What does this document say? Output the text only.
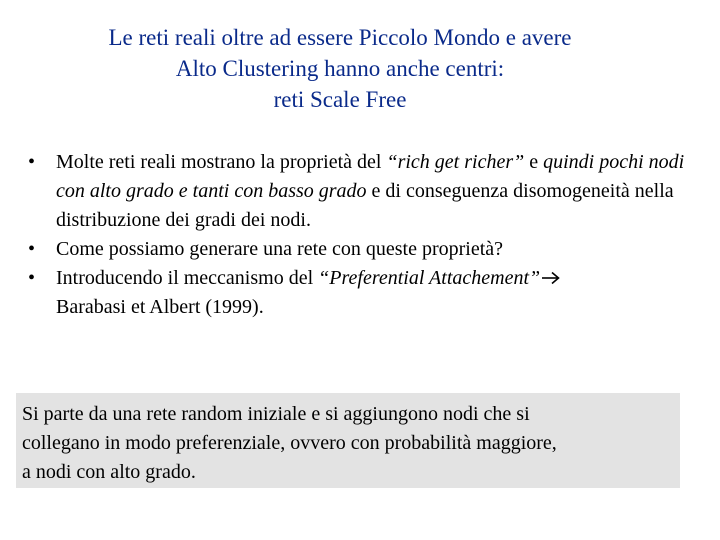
Le reti reali oltre ad essere Piccolo Mondo e avere
Alto Clustering hanno anche centri:
reti Scale Free
• Molte reti reali mostrano la proprietà del “rich get richer” e quindi pochi nodi con alto grado e tanti con basso grado e di conseguenza disomogeneità nella distribuzione dei gradi dei nodi.
• Come possiamo generare una rete con queste proprietà?
• Introducendo il meccanismo del “Preferential Attachement”
Barabasi et Albert (1999).
Si parte da una rete random iniziale e si aggiungono nodi che si
collegano in modo preferenziale, ovvero con probabilità maggiore,
a nodi con alto grado.
